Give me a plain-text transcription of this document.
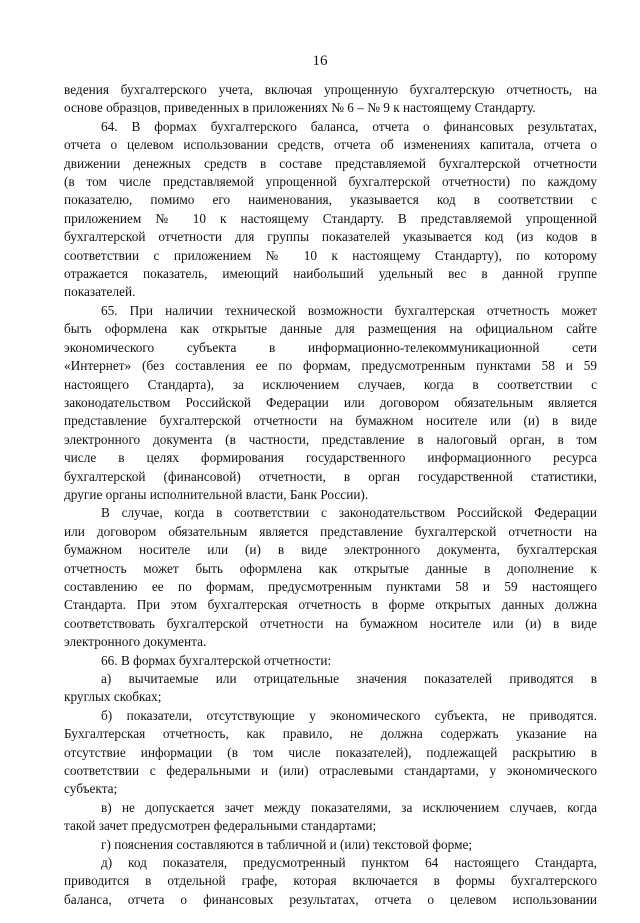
16
ведения бухгалтерского учета, включая упрощенную бухгалтерскую отчетность, на
основе образцов, приведенных в приложениях № 6 – № 9 к настоящему Стандарту.
64. В формах бухгалтерского баланса, отчета о финансовых результатах,
отчета о целевом использовании средств, отчета об изменениях капитала, отчета о
движении денежных средств в составе представляемой бухгалтерской отчетности
(в том числе представляемой упрощенной бухгалтерской отчетности) по каждому
показателю, помимо его наименования, указывается код в соответствии с
приложением № 10 к настоящему Стандарту. В представляемой упрощенной
бухгалтерской отчетности для группы показателей указывается код (из кодов в
соответствии с приложением № 10 к настоящему Стандарту), по которому
отражается показатель, имеющий наибольший удельный вес в данной группе
показателей.
65. При наличии технической возможности бухгалтерская отчетность может
быть оформлена как открытые данные для размещения на официальном сайте
экономического субъекта в информационно-телекоммуникационной сети
«Интернет» (без составления ее по формам, предусмотренным пунктами 58 и 59
настоящего Стандарта), за исключением случаев, когда в соответствии с
законодательством Российской Федерации или договором обязательным является
представление бухгалтерской отчетности на бумажном носителе или (и) в виде
электронного документа (в частности, представление в налоговый орган, в том
числе в целях формирования государственного информационного ресурса
бухгалтерской (финансовой) отчетности, в орган государственной статистики,
другие органы исполнительной власти, Банк России).
В случае, когда в соответствии с законодательством Российской Федерации
или договором обязательным является представление бухгалтерской отчетности на
бумажном носителе или (и) в виде электронного документа, бухгалтерская
отчетность может быть оформлена как открытые данные в дополнение к
составлению ее по формам, предусмотренным пунктами 58 и 59 настоящего
Стандарта. При этом бухгалтерская отчетность в форме открытых данных должна
соответствовать бухгалтерской отчетности на бумажном носителе или (и) в виде
электронного документа.
66. В формах бухгалтерской отчетности:
а) вычитаемые или отрицательные значения показателей приводятся в
круглых скобках;
б) показатели, отсутствующие у экономического субъекта, не приводятся.
Бухгалтерская отчетность, как правило, не должна содержать указание на
отсутствие информации (в том числе показателей), подлежащей раскрытию в
соответствии с федеральными и (или) отраслевыми стандартами, у экономического
субъекта;
в) не допускается зачет между показателями, за исключением случаев, когда
такой зачет предусмотрен федеральными стандартами;
г) пояснения составляются в табличной и (или) текстовой форме;
д) код показателя, предусмотренный пунктом 64 настоящего Стандарта,
приводится в отдельной графе, которая включается в формы бухгалтерского
баланса, отчета о финансовых результатах, отчета о целевом использовании
